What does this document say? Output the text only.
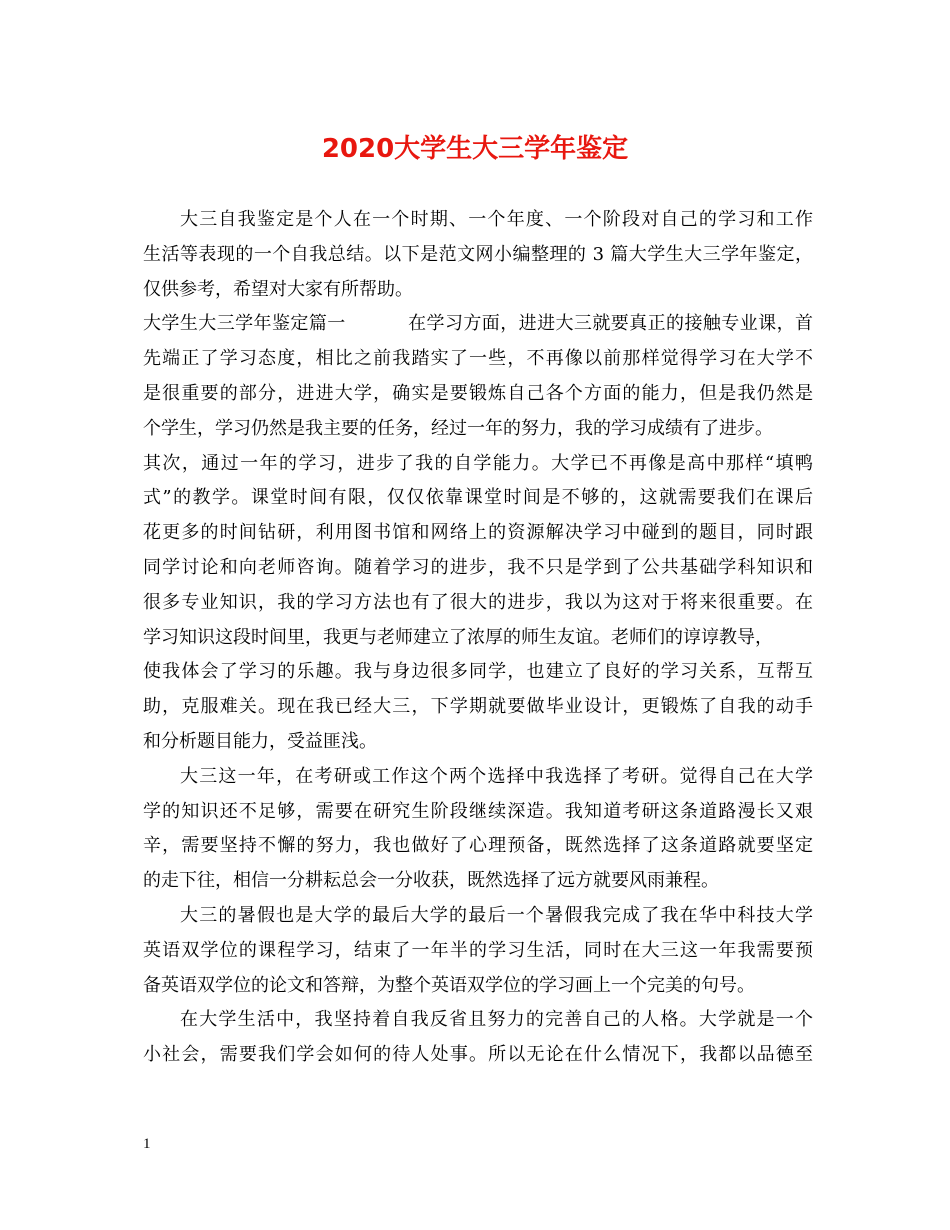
2020大学生大三学年鉴定
大三自我鉴定是个人在一个时期、一个年度、一个阶段对自己的学习和工作
生活等表现的一个自我总结。以下是范文网小编整理的 3 篇大学生大三学年鉴定，
仅供参考，希望对大家有所帮助。
大学生大三学年鉴定篇一	在学习方面，进进大三就要真正的接触专业课，首
先端正了学习态度，相比之前我踏实了一些，不再像以前那样觉得学习在大学不
是很重要的部分，进进大学，确实是要锻炼自己各个方面的能力，但是我仍然是
个学生，学习仍然是我主要的任务，经过一年的努力，我的学习成绩有了进步。
其次，通过一年的学习，进步了我的自学能力。大学已不再像是高中那样“填鸭
式”的教学。课堂时间有限，仅仅依靠课堂时间是不够的，这就需要我们在课后
花更多的时间钻研，利用图书馆和网络上的资源解决学习中碰到的题目，同时跟
同学讨论和向老师咨询。随着学习的进步，我不只是学到了公共基础学科知识和
很多专业知识，我的学习方法也有了很大的进步，我以为这对于将来很重要。在
学习知识这段时间里，我更与老师建立了浓厚的师生友谊。老师们的谆谆教导，
使我体会了学习的乐趣。我与身边很多同学，也建立了良好的学习关系，互帮互
助，克服难关。现在我已经大三，下学期就要做毕业设计，更锻炼了自我的动手
和分析题目能力，受益匪浅。
大三这一年，在考研或工作这个两个选择中我选择了考研。觉得自己在大学
学的知识还不足够，需要在研究生阶段继续深造。我知道考研这条道路漫长又艰
辛，需要坚持不懈的努力，我也做好了心理预备，既然选择了这条道路就要坚定
的走下往，相信一分耕耘总会一分收获，既然选择了远方就要风雨兼程。
大三的暑假也是大学的最后大学的最后一个暑假我完成了我在华中科技大学
英语双学位的课程学习，结束了一年半的学习生活，同时在大三这一年我需要预
备英语双学位的论文和答辩，为整个英语双学位的学习画上一个完美的句号。
在大学生活中，我坚持着自我反省且努力的完善自己的人格。大学就是一个
小社会，需要我们学会如何的待人处事。所以无论在什么情况下，我都以品德至
1
